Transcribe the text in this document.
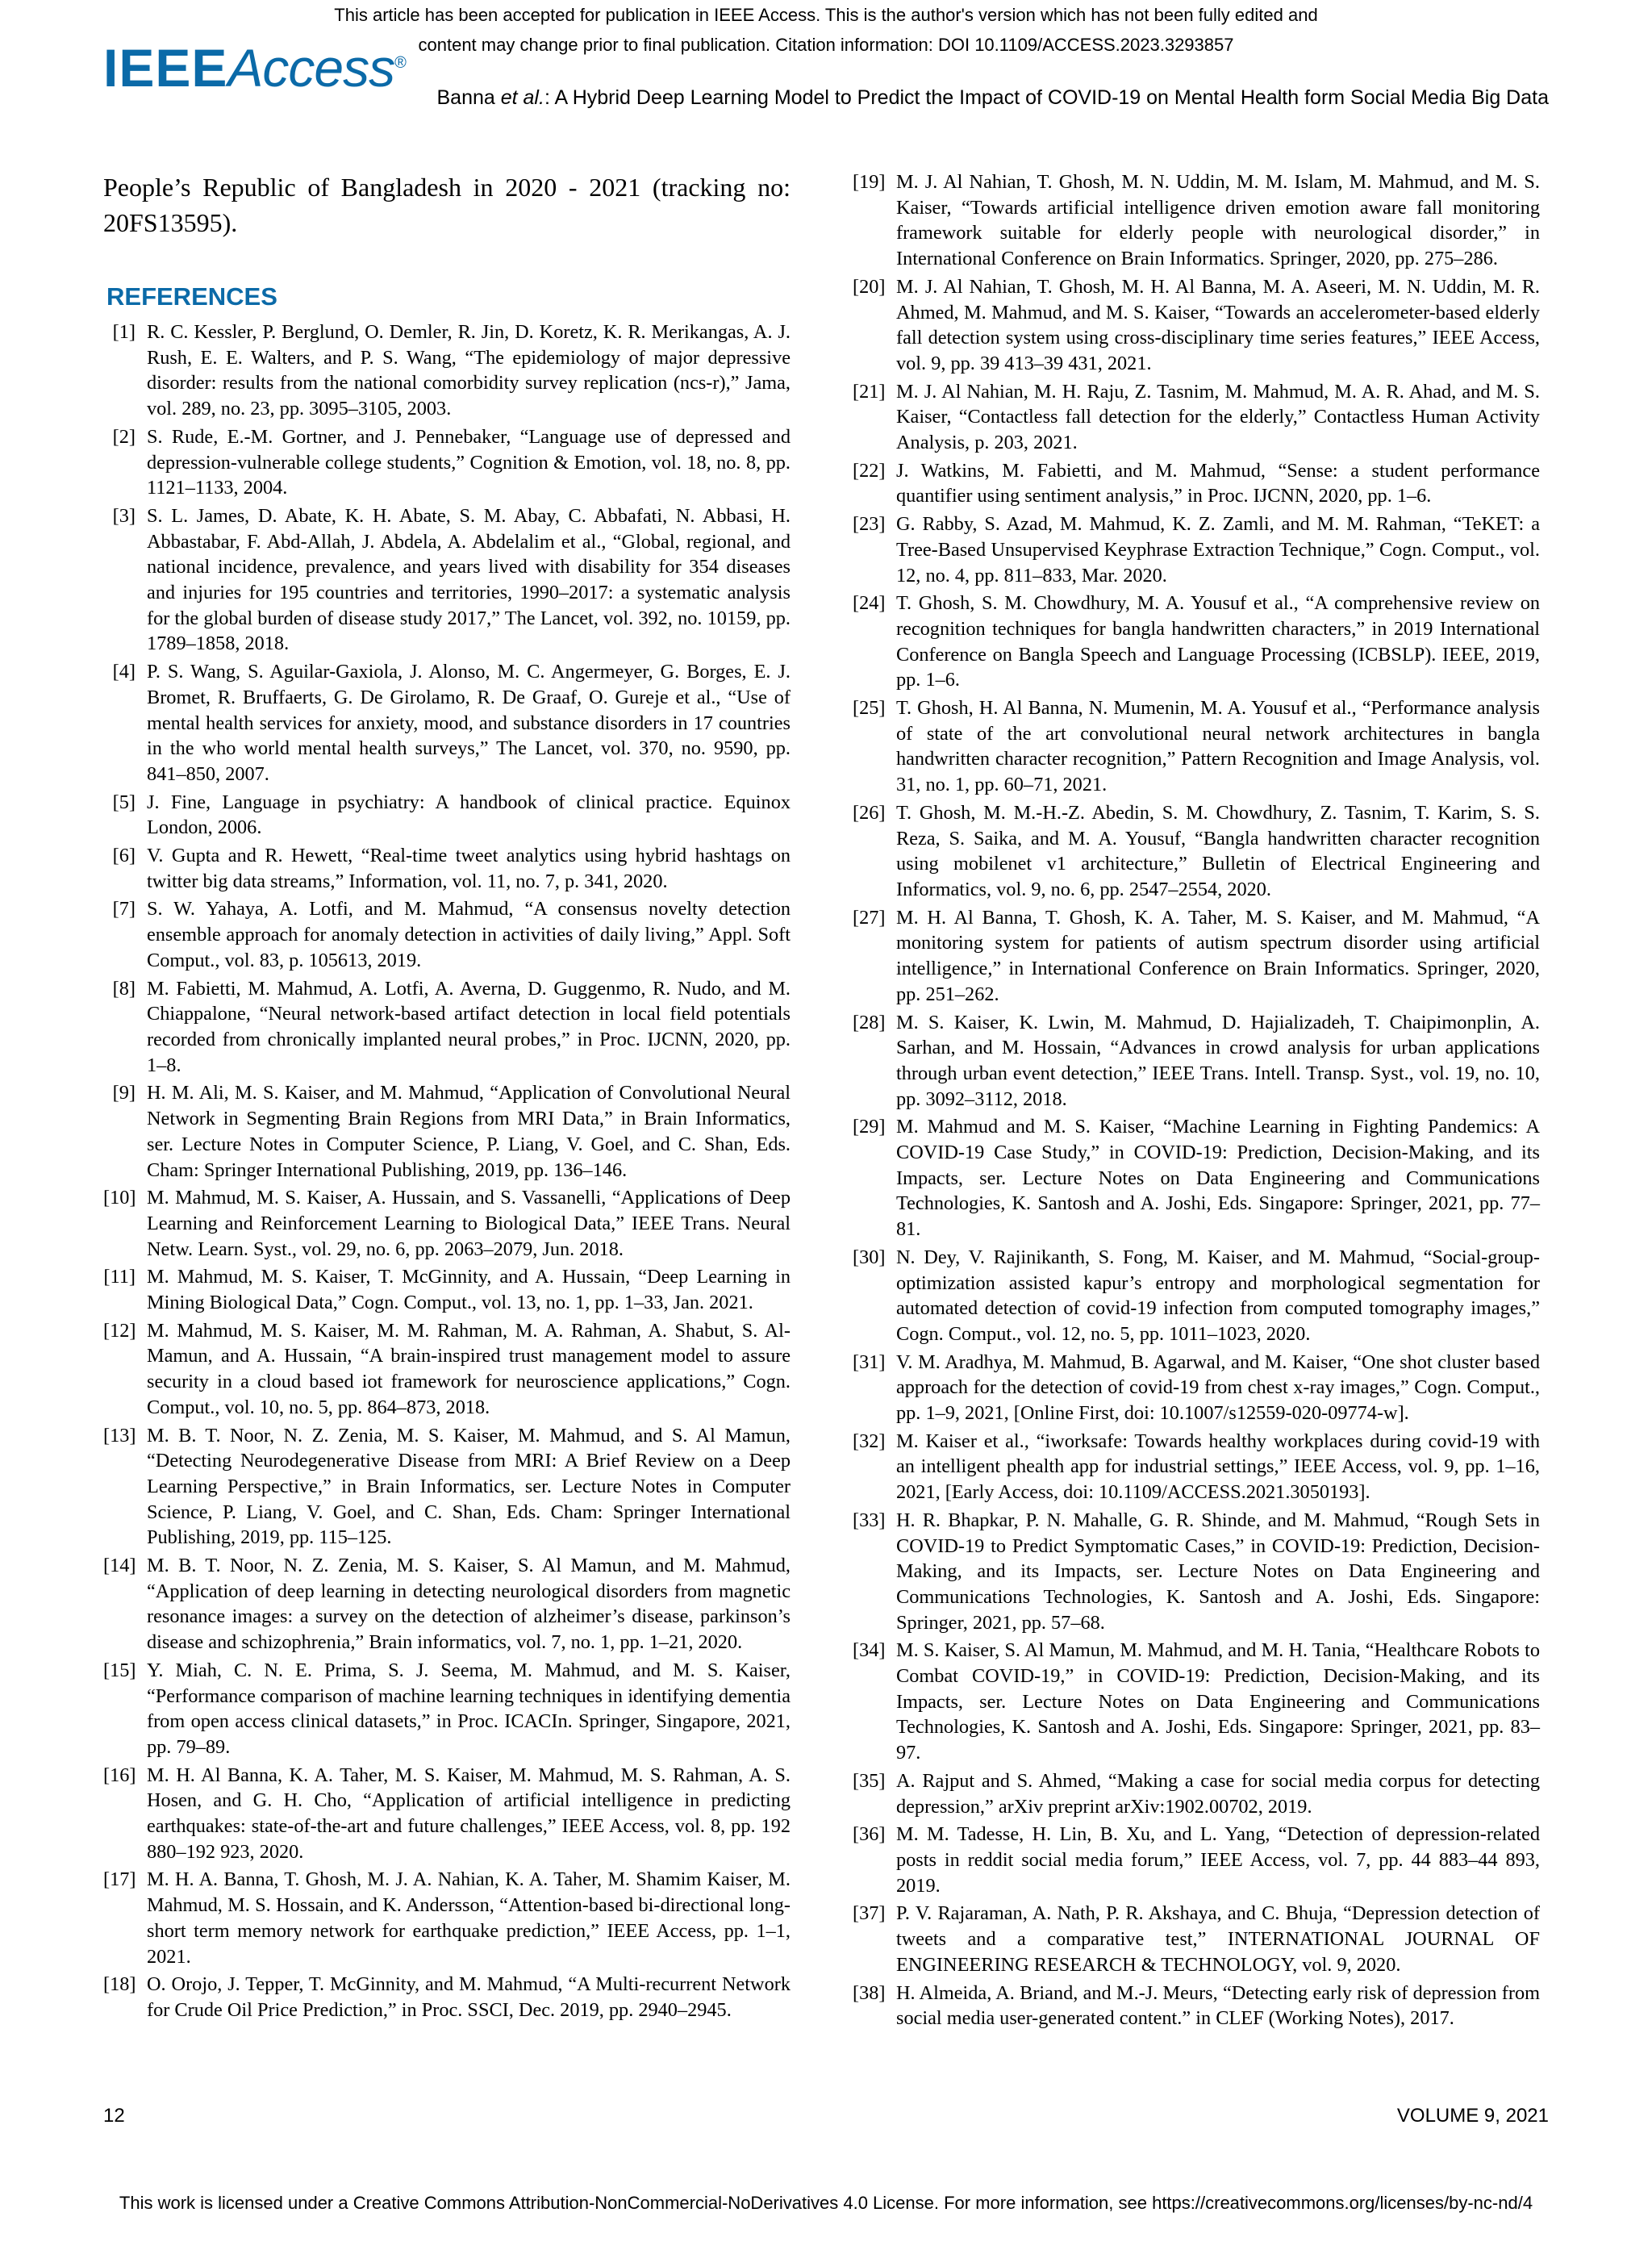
This article has been accepted for publication in IEEE Access. This is the author's version which has not been fully edited and
content may change prior to final publication. Citation information: DOI 10.1109/ACCESS.2023.3293857
IEEEAccess®
Banna et al.: A Hybrid Deep Learning Model to Predict the Impact of COVID-19 on Mental Health form Social Media Big Data

People’s Republic of Bangladesh in 2020 - 2021 (tracking no: 20FS13595).

REFERENCES
[1] R. C. Kessler, P. Berglund, O. Demler, R. Jin, D. Koretz, K. R. Merikangas, A. J. Rush, E. E. Walters, and P. S. Wang, “The epidemiology of major depressive disorder: results from the national comorbidity survey replication (ncs-r),” Jama, vol. 289, no. 23, pp. 3095–3105, 2003.
[2] S. Rude, E.-M. Gortner, and J. Pennebaker, “Language use of depressed and depression-vulnerable college students,” Cognition & Emotion, vol. 18, no. 8, pp. 1121–1133, 2004.
[3] S. L. James, D. Abate, K. H. Abate, S. M. Abay, C. Abbafati, N. Abbasi, H. Abbastabar, F. Abd-Allah, J. Abdela, A. Abdelalim et al., “Global, regional, and national incidence, prevalence, and years lived with disability for 354 diseases and injuries for 195 countries and territories, 1990–2017: a systematic analysis for the global burden of disease study 2017,” The Lancet, vol. 392, no. 10159, pp. 1789–1858, 2018.
[4] P. S. Wang, S. Aguilar-Gaxiola, J. Alonso, M. C. Angermeyer, G. Borges, E. J. Bromet, R. Bruffaerts, G. De Girolamo, R. De Graaf, O. Gureje et al., “Use of mental health services for anxiety, mood, and substance disorders in 17 countries in the who world mental health surveys,” The Lancet, vol. 370, no. 9590, pp. 841–850, 2007.
[5] J. Fine, Language in psychiatry: A handbook of clinical practice. Equinox London, 2006.
[6] V. Gupta and R. Hewett, “Real-time tweet analytics using hybrid hashtags on twitter big data streams,” Information, vol. 11, no. 7, p. 341, 2020.
[7] S. W. Yahaya, A. Lotfi, and M. Mahmud, “A consensus novelty detection ensemble approach for anomaly detection in activities of daily living,” Appl. Soft Comput., vol. 83, p. 105613, 2019.
[8] M. Fabietti, M. Mahmud, A. Lotfi, A. Averna, D. Guggenmo, R. Nudo, and M. Chiappalone, “Neural network-based artifact detection in local field potentials recorded from chronically implanted neural probes,” in Proc. IJCNN, 2020, pp. 1–8.
[9] H. M. Ali, M. S. Kaiser, and M. Mahmud, “Application of Convolutional Neural Network in Segmenting Brain Regions from MRI Data,” in Brain Informatics, ser. Lecture Notes in Computer Science, P. Liang, V. Goel, and C. Shan, Eds. Cham: Springer International Publishing, 2019, pp. 136–146.
[10] M. Mahmud, M. S. Kaiser, A. Hussain, and S. Vassanelli, “Applications of Deep Learning and Reinforcement Learning to Biological Data,” IEEE Trans. Neural Netw. Learn. Syst., vol. 29, no. 6, pp. 2063–2079, Jun. 2018.
[11] M. Mahmud, M. S. Kaiser, T. McGinnity, and A. Hussain, “Deep Learning in Mining Biological Data,” Cogn. Comput., vol. 13, no. 1, pp. 1–33, Jan. 2021.
[12] M. Mahmud, M. S. Kaiser, M. M. Rahman, M. A. Rahman, A. Shabut, S. Al-Mamun, and A. Hussain, “A brain-inspired trust management model to assure security in a cloud based iot framework for neuroscience applications,” Cogn. Comput., vol. 10, no. 5, pp. 864–873, 2018.
[13] M. B. T. Noor, N. Z. Zenia, M. S. Kaiser, M. Mahmud, and S. Al Mamun, “Detecting Neurodegenerative Disease from MRI: A Brief Review on a Deep Learning Perspective,” in Brain Informatics, ser. Lecture Notes in Computer Science, P. Liang, V. Goel, and C. Shan, Eds. Cham: Springer International Publishing, 2019, pp. 115–125.
[14] M. B. T. Noor, N. Z. Zenia, M. S. Kaiser, S. Al Mamun, and M. Mahmud, “Application of deep learning in detecting neurological disorders from magnetic resonance images: a survey on the detection of alzheimer’s disease, parkinson’s disease and schizophrenia,” Brain informatics, vol. 7, no. 1, pp. 1–21, 2020.
[15] Y. Miah, C. N. E. Prima, S. J. Seema, M. Mahmud, and M. S. Kaiser, “Performance comparison of machine learning techniques in identifying dementia from open access clinical datasets,” in Proc. ICACIn. Springer, Singapore, 2021, pp. 79–89.
[16] M. H. Al Banna, K. A. Taher, M. S. Kaiser, M. Mahmud, M. S. Rahman, A. S. Hosen, and G. H. Cho, “Application of artificial intelligence in predicting earthquakes: state-of-the-art and future challenges,” IEEE Access, vol. 8, pp. 192 880–192 923, 2020.
[17] M. H. A. Banna, T. Ghosh, M. J. A. Nahian, K. A. Taher, M. Shamim Kaiser, M. Mahmud, M. S. Hossain, and K. Andersson, “Attention-based bi-directional long-short term memory network for earthquake prediction,” IEEE Access, pp. 1–1, 2021.
[18] O. Orojo, J. Tepper, T. McGinnity, and M. Mahmud, “A Multi-recurrent Network for Crude Oil Price Prediction,” in Proc. SSCI, Dec. 2019, pp. 2940–2945.
[19] M. J. Al Nahian, T. Ghosh, M. N. Uddin, M. M. Islam, M. Mahmud, and M. S. Kaiser, “Towards artificial intelligence driven emotion aware fall monitoring framework suitable for elderly people with neurological disorder,” in International Conference on Brain Informatics. Springer, 2020, pp. 275–286.
[20] M. J. Al Nahian, T. Ghosh, M. H. Al Banna, M. A. Aseeri, M. N. Uddin, M. R. Ahmed, M. Mahmud, and M. S. Kaiser, “Towards an accelerometer-based elderly fall detection system using cross-disciplinary time series features,” IEEE Access, vol. 9, pp. 39 413–39 431, 2021.
[21] M. J. Al Nahian, M. H. Raju, Z. Tasnim, M. Mahmud, M. A. R. Ahad, and M. S. Kaiser, “Contactless fall detection for the elderly,” Contactless Human Activity Analysis, p. 203, 2021.
[22] J. Watkins, M. Fabietti, and M. Mahmud, “Sense: a student performance quantifier using sentiment analysis,” in Proc. IJCNN, 2020, pp. 1–6.
[23] G. Rabby, S. Azad, M. Mahmud, K. Z. Zamli, and M. M. Rahman, “TeKET: a Tree-Based Unsupervised Keyphrase Extraction Technique,” Cogn. Comput., vol. 12, no. 4, pp. 811–833, Mar. 2020.
[24] T. Ghosh, S. M. Chowdhury, M. A. Yousuf et al., “A comprehensive review on recognition techniques for bangla handwritten characters,” in 2019 International Conference on Bangla Speech and Language Processing (ICBSLP). IEEE, 2019, pp. 1–6.
[25] T. Ghosh, H. Al Banna, N. Mumenin, M. A. Yousuf et al., “Performance analysis of state of the art convolutional neural network architectures in bangla handwritten character recognition,” Pattern Recognition and Image Analysis, vol. 31, no. 1, pp. 60–71, 2021.
[26] T. Ghosh, M. M.-H.-Z. Abedin, S. M. Chowdhury, Z. Tasnim, T. Karim, S. S. Reza, S. Saika, and M. A. Yousuf, “Bangla handwritten character recognition using mobilenet v1 architecture,” Bulletin of Electrical Engineering and Informatics, vol. 9, no. 6, pp. 2547–2554, 2020.
[27] M. H. Al Banna, T. Ghosh, K. A. Taher, M. S. Kaiser, and M. Mahmud, “A monitoring system for patients of autism spectrum disorder using artificial intelligence,” in International Conference on Brain Informatics. Springer, 2020, pp. 251–262.
[28] M. S. Kaiser, K. Lwin, M. Mahmud, D. Hajializadeh, T. Chaipimonplin, A. Sarhan, and M. Hossain, “Advances in crowd analysis for urban applications through urban event detection,” IEEE Trans. Intell. Transp. Syst., vol. 19, no. 10, pp. 3092–3112, 2018.
[29] M. Mahmud and M. S. Kaiser, “Machine Learning in Fighting Pandemics: A COVID-19 Case Study,” in COVID-19: Prediction, Decision-Making, and its Impacts, ser. Lecture Notes on Data Engineering and Communications Technologies, K. Santosh and A. Joshi, Eds. Singapore: Springer, 2021, pp. 77–81.
[30] N. Dey, V. Rajinikanth, S. Fong, M. Kaiser, and M. Mahmud, “Social-group-optimization assisted kapur’s entropy and morphological segmentation for automated detection of covid-19 infection from computed tomography images,” Cogn. Comput., vol. 12, no. 5, pp. 1011–1023, 2020.
[31] V. M. Aradhya, M. Mahmud, B. Agarwal, and M. Kaiser, “One shot cluster based approach for the detection of covid-19 from chest x-ray images,” Cogn. Comput., pp. 1–9, 2021, [Online First, doi: 10.1007/s12559-020-09774-w].
[32] M. Kaiser et al., “iworksafe: Towards healthy workplaces during covid-19 with an intelligent phealth app for industrial settings,” IEEE Access, vol. 9, pp. 1–16, 2021, [Early Access, doi: 10.1109/ACCESS.2021.3050193].
[33] H. R. Bhapkar, P. N. Mahalle, G. R. Shinde, and M. Mahmud, “Rough Sets in COVID-19 to Predict Symptomatic Cases,” in COVID-19: Prediction, Decision-Making, and its Impacts, ser. Lecture Notes on Data Engineering and Communications Technologies, K. Santosh and A. Joshi, Eds. Singapore: Springer, 2021, pp. 57–68.
[34] M. S. Kaiser, S. Al Mamun, M. Mahmud, and M. H. Tania, “Healthcare Robots to Combat COVID-19,” in COVID-19: Prediction, Decision-Making, and its Impacts, ser. Lecture Notes on Data Engineering and Communications Technologies, K. Santosh and A. Joshi, Eds. Singapore: Springer, 2021, pp. 83–97.
[35] A. Rajput and S. Ahmed, “Making a case for social media corpus for detecting depression,” arXiv preprint arXiv:1902.00702, 2019.
[36] M. M. Tadesse, H. Lin, B. Xu, and L. Yang, “Detection of depression-related posts in reddit social media forum,” IEEE Access, vol. 7, pp. 44 883–44 893, 2019.
[37] P. V. Rajaraman, A. Nath, P. R. Akshaya, and C. Bhuja, “Depression detection of tweets and a comparative test,” INTERNATIONAL JOURNAL OF ENGINEERING RESEARCH & TECHNOLOGY, vol. 9, 2020.
[38] H. Almeida, A. Briand, and M.-J. Meurs, “Detecting early risk of depression from social media user-generated content.” in CLEF (Working Notes), 2017.
12	VOLUME 9, 2021
This work is licensed under a Creative Commons Attribution-NonCommercial-NoDerivatives 4.0 License. For more information, see https://creativecommons.org/licenses/by-nc-nd/4
